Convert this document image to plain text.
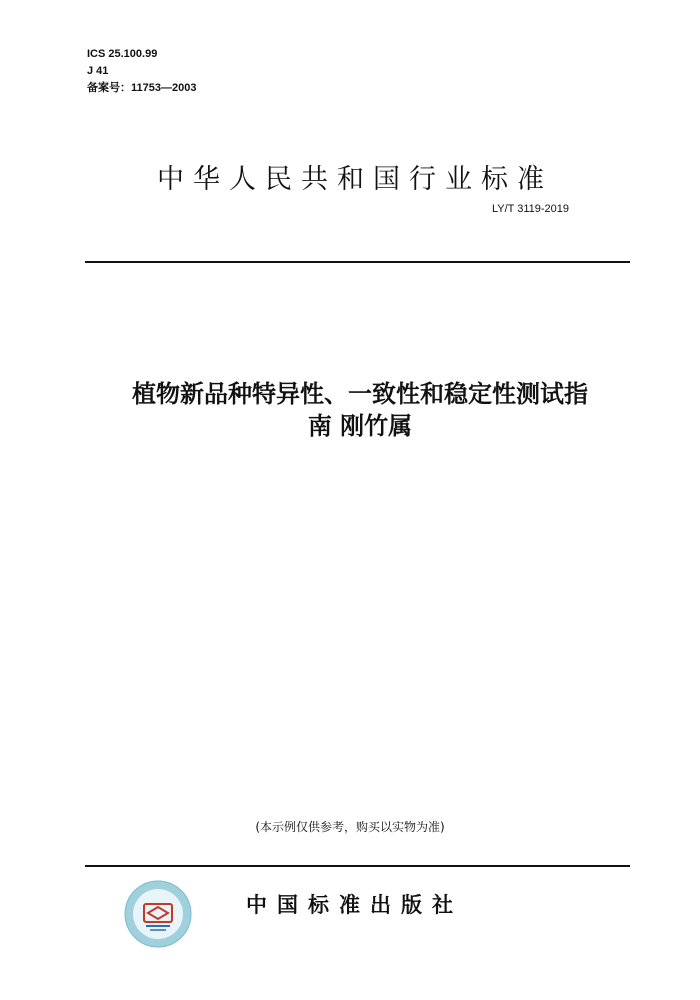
ICS 25.100.99
J 41
备案号：11753—2003
中华人民共和国行业标准
LY/T 3119-2019
植物新品种特异性、一致性和稳定性测试指
南 刚竹属
(本示例仅供参考，购买以实物为准)
中国标准出版社
